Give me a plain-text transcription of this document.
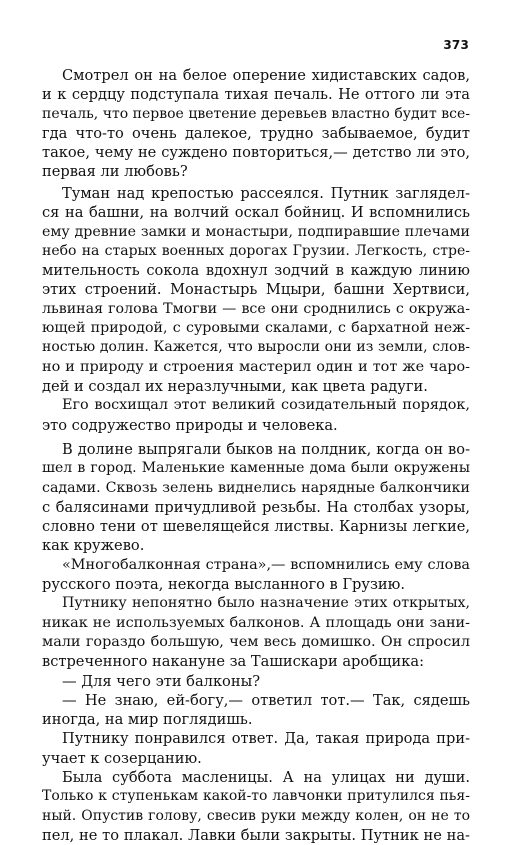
373

Смотрел он на белое оперение хидиставских садов,

и к сердцу подступала тихая печаль. Не оттого ли эта

печаль, что первое цветение деревьев властно будит все-

гда что-то очень далекое, трудно забываемое, будит

такое, чему не суждено повториться,— детство ли это,

первая ли любовь?

Туман над крепостью рассеялся. Путник заглядел-

ся на башни, на волчий оскал бойниц. И вспомнились

ему древние замки и монастыри, подпиравшие плечами

небо на старых военных дорогах Грузии. Легкость, стре-

мительность сокола вдохнул зодчий в каждую линию

этих строений. Монастырь Мцыри, башни Хертвиси,

львиная голова Тмогви — все они сроднились с окружа-

ющей природой, с суровыми скалами, с бархатной неж-

ностью долин. Кажется, что выросли они из земли, слов-

но и природу и строения мастерил один и тот же чаро-

дей и создал их неразлучными, как цвета радуги.

Его восхищал этот великий созидательный порядок,

это содружество природы и человека.

В долине выпрягали быков на полдник, когда он во-

шел в город. Маленькие каменные дома были окружены

садами. Сквозь зелень виднелись нарядные балкончики

с балясинами причудливой резьбы. На столбах узоры,

словно тени от шевелящейся листвы. Карнизы легкие,

как кружево.

«Многобалконная страна»,— вспомнились ему слова

русского поэта, некогда высланного в Грузию.

Путнику непонятно было назначение этих открытых,

никак не используемых балконов. А площадь они зани-

мали гораздо большую, чем весь домишко. Он спросил

встреченного накануне за Ташискари аробщика:

— Для чего эти балконы?

— Не знаю, ей-богу,— ответил тот.— Так, сядешь

иногда, на мир поглядишь.

Путнику понравился ответ. Да, такая природа при-

учает к созерцанию.

Была суббота масленицы. А на улицах ни души.

Только к ступенькам какой-то лавчонки притулился пья-

ный. Опустив голову, свесив руки между колен, он не то

пел, не то плакал. Лавки были закрыты. Путник не на-
